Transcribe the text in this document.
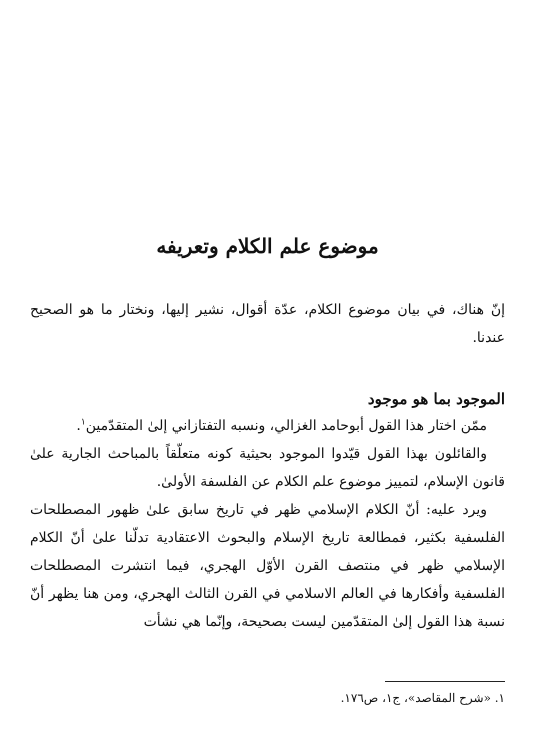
موضوع علم الكلام وتعريفه

إنّ هناك، في بيان موضوع الكلام، عدّة أقوال، نشير إليها، ونختار ما هو الصحيح عندنا.

الموجود بما هو موجود

ممّن اختار هذا القول أبوحامد الغزالي، ونسبه التفتازاني إلىٰ المتقدّمين$^١$.

والقائلون بهذا القول قيّدوا الموجود بحيثية كونه متعلّقاً بالمباحث الجارية علىٰ قانون الإسلام، لتمييز موضوع علم الكلام عن الفلسفة الأولىٰ.

ويرد عليه: أنّ الكلام الإسلامي ظهر في تاريخ سابق علىٰ ظهور المصطلحات الفلسفية بكثير، فمطالعة تاريخ الإسلام والبحوث الاعتقادية تدلّنا علىٰ أنّ الكلام الإسلامي ظهر في منتصف القرن الأوّل الهجري، فيما انتشرت المصطلحات الفلسفية وأفكارها في العالم الاسلامي في القرن الثالث الهجري، ومن هنا يظهر أنّ نسبة هذا القول إلىٰ المتقدّمين ليست بصحيحة، وإنّما هي نشأت

١. «شرح المقاصد»، ج١، ص١٧٦.
